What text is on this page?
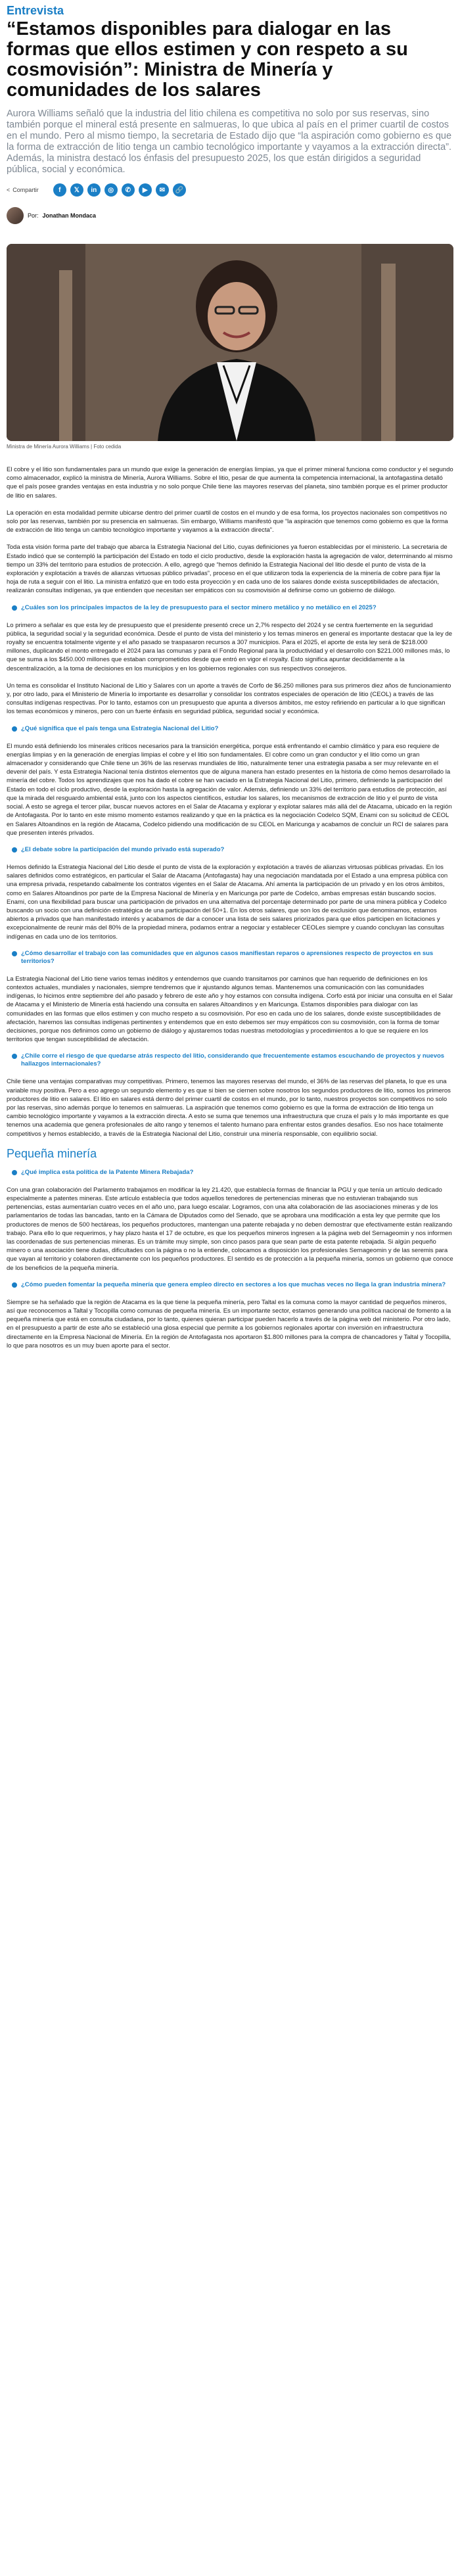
Entrevista
“Estamos disponibles para dialogar en las formas que ellos estimen y con respeto a su cosmovisión”: Ministra de Minería y comunidades de los salares

Aurora Williams señaló que la industria del litio chilena es competitiva no solo por sus reservas, sino también porque el mineral está presente en salmueras, lo que ubica al país en el primer cuartil de costos en el mundo. Pero al mismo tiempo, la secretaria de Estado dijo que “la aspiración como gobierno es que la forma de extracción de litio tenga un cambio tecnológico importante y vayamos a la extracción directa”. Además, la ministra destacó los énfasis del presupuesto 2025, los que están dirigidos a seguridad pública, social y económica.

< Compartir	f	𝕏	in	◎	✆	▶	✉	🔗
Por: Jonathan Mondaca
Ministra de Minería Aurora Williams | Foto cedida

El cobre y el litio son fundamentales para un mundo que exige la generación de energías limpias, ya que el primer mineral funciona como conductor y el segundo como almacenador, explicó la ministra de Minería, Aurora Williams. Sobre el litio, pesar de que aumenta la competencia internacional, la antofagastina detalló que el país posee grandes ventajas en esta industria y no solo porque Chile tiene las mayores reservas del planeta, sino también porque es el primer productor de litio en salares.

La operación en esta modalidad permite ubicarse dentro del primer cuartil de costos en el mundo y de esa forma, los proyectos nacionales son competitivos no solo por las reservas, también por su presencia en salmueras. Sin embargo, Williams manifestó que “la aspiración que tenemos como gobierno es que la forma de extracción de litio tenga un cambio tecnológico importante y vayamos a la extracción directa”.

Toda esta visión forma parte del trabajo que abarca la Estrategia Nacional del Litio, cuyas definiciones ya fueron establecidas por el ministerio. La secretaria de Estado indicó que se contempló la participación del Estado en todo el ciclo productivo, desde la exploración hasta la agregación de valor, determinando al mismo tiempo un 33% del territorio para estudios de protección. A ello, agregó que “hemos definido la Estrategia Nacional del litio desde el punto de vista de la exploración y explotación a través de alianzas virtuosas público privadas”, proceso en el que utilizaron toda la experiencia de la minería de cobre para fijar la hoja de ruta a seguir con el litio. La ministra enfatizó que en todo esta proyección y en cada uno de los salares donde exista susceptibilidades de afectación, realizarán consultas indígenas, ya que entienden que necesitan ser empáticos con su cosmovisión al definirse como un gobierno de diálogo.

¿Cuáles son los principales impactos de la ley de presupuesto para el sector minero metálico y no metálico en el 2025?

Lo primero a señalar es que esta ley de presupuesto que el presidente presentó crece un 2,7% respecto del 2024 y se centra fuertemente en la seguridad pública, la seguridad social y la seguridad económica. Desde el punto de vista del ministerio y los temas mineros en general es importante destacar que la ley de royalty se encuentra totalmente vigente y el año pasado se traspasaron recursos a 307 municipios. Para el 2025, el aporte de esta ley será de $218.000 millones, duplicando el monto entregado el 2024 para las comunas y para el Fondo Regional para la productividad y el desarrollo con $221.000 millones más, lo que se suma a los $450.000 millones que estaban comprometidos desde que entró en vigor el royalty. Esto significa apuntar decididamente a la descentralización, a la toma de decisiones en los municipios y en los gobiernos regionales con sus respectivos consejeros.

Un tema es consolidar el Instituto Nacional de Litio y Salares con un aporte a través de Corfo de $6.250 millones para sus primeros diez años de funcionamiento y, por otro lado, para el Ministerio de Minería lo importante es desarrollar y consolidar los contratos especiales de operación de litio (CEOL) a través de las consultas indígenas respectivas. Por lo tanto, estamos con un presupuesto que apunta a diversos ámbitos, me estoy refiriendo en particular a lo que significan los temas económicos y mineros, pero con un fuerte énfasis en seguridad pública, seguridad social y económica.

¿Qué significa que el país tenga una Estrategia Nacional del Litio?

El mundo está definiendo los minerales críticos necesarios para la transición energética, porque está enfrentando el cambio climático y para eso requiere de energías limpias y en la generación de energías limpias el cobre y el litio son fundamentales. El cobre como un gran conductor y el litio como un gran almacenador y considerando que Chile tiene un 36% de las reservas mundiales de litio, naturalmente tener una estrategia pasaba a ser muy relevante en el devenir del país. Y esta Estrategia Nacional tenía distintos elementos que de alguna manera han estado presentes en la historia de cómo hemos desarrollado la minería del cobre. Todos los aprendizajes que nos ha dado el cobre se han vaciado en la Estrategia Nacional del Litio, primero, definiendo la participación del Estado en todo el ciclo productivo, desde la exploración hasta la agregación de valor. Además, definiendo un 33% del territorio para estudios de protección, así que la mirada del resguardo ambiental está, junto con los aspectos científicos, estudiar los salares, los mecanismos de extracción de litio y el punto de vista social. A esto se agrega el tercer pilar, buscar nuevos actores en el Salar de Atacama y explorar y explotar salares más allá del de Atacama, ubicado en la región de Antofagasta. Por lo tanto en este mismo momento estamos realizando y que en la práctica es la negociación Codelco SQM, Enami con su solicitud de CEOL en Salares Altoandinos en la región de Atacama, Codelco pidiendo una modificación de su CEOL en Maricunga y acabamos de concluir un RCI de salares para que presenten interés privados.

¿El debate sobre la participación del mundo privado está superado?

Hemos definido la Estrategia Nacional del Litio desde el punto de vista de la exploración y explotación a través de alianzas virtuosas públicas privadas. En los salares definidos como estratégicos, en particular el Salar de Atacama (Antofagasta) hay una negociación mandatada por el Estado a una empresa pública con una empresa privada, respetando cabalmente los contratos vigentes en el Salar de Atacama. Ahí amenta la participación de un privado y en los otros ámbitos, como en Salares Altoandinos por parte de la Empresa Nacional de Minería y en Maricunga por parte de Codelco, ambas empresas están buscando socios. Enami, con una flexibilidad para buscar una participación de privados en una alternativa del porcentaje determinado por parte de una minera pública y Codelco buscando un socio con una definición estratégica de una participación del 50+1. En los otros salares, que son los de exclusión que denominamos, estamos abiertos a privados que han manifestado interés y acabamos de dar a conocer una lista de seis salares priorizados para que ellos participen en licitaciones y excepcionalmente de reunir más del 80% de la propiedad minera, podamos entrar a negociar y establecer CEOLes siempre y cuando concluyan las consultas indígenas en cada uno de los territorios.

¿Cómo desarrollar el trabajo con las comunidades que en algunos casos manifiestan reparos o aprensiones respecto de proyectos en sus territorios?

La Estrategia Nacional del Litio tiene varios temas inéditos y entendemos que cuando transitamos por caminos que han requerido de definiciones en los contextos actuales, mundiales y nacionales, siempre tendremos que ir ajustando algunos temas. Mantenemos una comunicación con las comunidades indígenas, lo hicimos entre septiembre del año pasado y febrero de este año y hoy estamos con consulta indígena. Corfo está por iniciar una consulta en el Salar de Atacama y el Ministerio de Minería está haciendo una consulta en salares Altoandinos y en Maricunga. Estamos disponibles para dialogar con las comunidades en las formas que ellos estimen y con mucho respeto a su cosmovisión. Por eso en cada uno de los salares, donde existe susceptibilidades de afectación, haremos las consultas indígenas pertinentes y entendemos que en esto debemos ser muy empáticos con su cosmovisión, con la forma de tomar decisiones, porque nos definimos como un gobierno de diálogo y ajustaremos todas nuestras metodologías y procedimientos a lo que se requiere en los territorios que tengan susceptibilidad de afectación.

¿Chile corre el riesgo de que quedarse atrás respecto del litio, considerando que frecuentemente estamos escuchando de proyectos y nuevos hallazgos internacionales?

Chile tiene una ventajas comparativas muy competitivas. Primero, tenemos las mayores reservas del mundo, el 36% de las reservas del planeta, lo que es una variable muy positiva. Pero a eso agrego un segundo elemento y es que si bien se ciernen sobre nosotros los segundos productores de litio, somos los primeros productores de litio en salares. El litio en salares está dentro del primer cuartil de costos en el mundo, por lo tanto, nuestros proyectos son competitivos no solo por las reservas, sino además porque lo tenemos en salmueras. La aspiración que tenemos como gobierno es que la forma de extracción de litio tenga un cambio tecnológico importante y vayamos a la extracción directa. A esto se suma que tenemos una infraestructura que cruza el país y lo más importante es que tenemos una academia que genera profesionales de alto rango y tenemos el talento humano para enfrentar estos grandes desafíos. Eso nos hace totalmente competitivos y hemos establecido, a través de la Estrategia Nacional del Litio, construir una minería responsable, con equilibrio social.

Pequeña minería
¿Qué implica esta política de la Patente Minera Rebajada?

Con una gran colaboración del Parlamento trabajamos en modificar la ley 21.420, que establecía formas de financiar la PGU y que tenía un artículo dedicado especialmente a patentes mineras. Este artículo establecía que todos aquellos tenedores de pertenencias mineras que no estuvieran trabajando sus pertenencias, estas aumentarían cuatro veces en el año uno, para luego escalar. Logramos, con una alta colaboración de las asociaciones mineras y de los parlamentarios de todas las bancadas, tanto en la Cámara de Diputados como del Senado, que se aprobara una modificación a esta ley que permite que los productores de menos de 500 hectáreas, los pequeños productores, mantengan una patente rebajada y no deben demostrar que efectivamente están realizando trabajo. Para ello lo que requerimos, y hay plazo hasta el 17 de octubre, es que los pequeños mineros ingresen a la página web del Sernageomin y nos informen las coordenadas de sus pertenencias mineras. Es un trámite muy simple, son cinco pasos para que sean parte de esta patente rebajada. Si algún pequeño minero o una asociación tiene dudas, dificultades con la página o no la entiende, colocamos a disposición los profesionales Sernageomin y de las seremis para que vayan al territorio y colaboren directamente con los pequeños productores. El sentido es de protección a la pequeña minería, somos un gobierno que conoce de los beneficios de la pequeña minería.

¿Cómo pueden fomentar la pequeña minería que genera empleo directo en sectores a los que muchas veces no llega la gran industria minera?

Siempre se ha señalado que la región de Atacama es la que tiene la pequeña minería, pero Taltal es la comuna como la mayor cantidad de pequeños mineros, así que reconocemos a Taltal y Tocopilla como comunas de pequeña minería. Es un importante sector, estamos generando una política nacional de fomento a la pequeña minería que está en consulta ciudadana, por lo tanto, quienes quieran participar pueden hacerlo a través de la página web del ministerio. Por otro lado, en el presupuesto a partir de este año se estableció una glosa especial que permite a los gobiernos regionales aportar con inversión en infraestructura directamente en la Empresa Nacional de Minería. En la región de Antofagasta nos aportaron $1.800 millones para la compra de chancadores y Taltal y Tocopilla, lo que para nosotros es un muy buen aporte para el sector.
